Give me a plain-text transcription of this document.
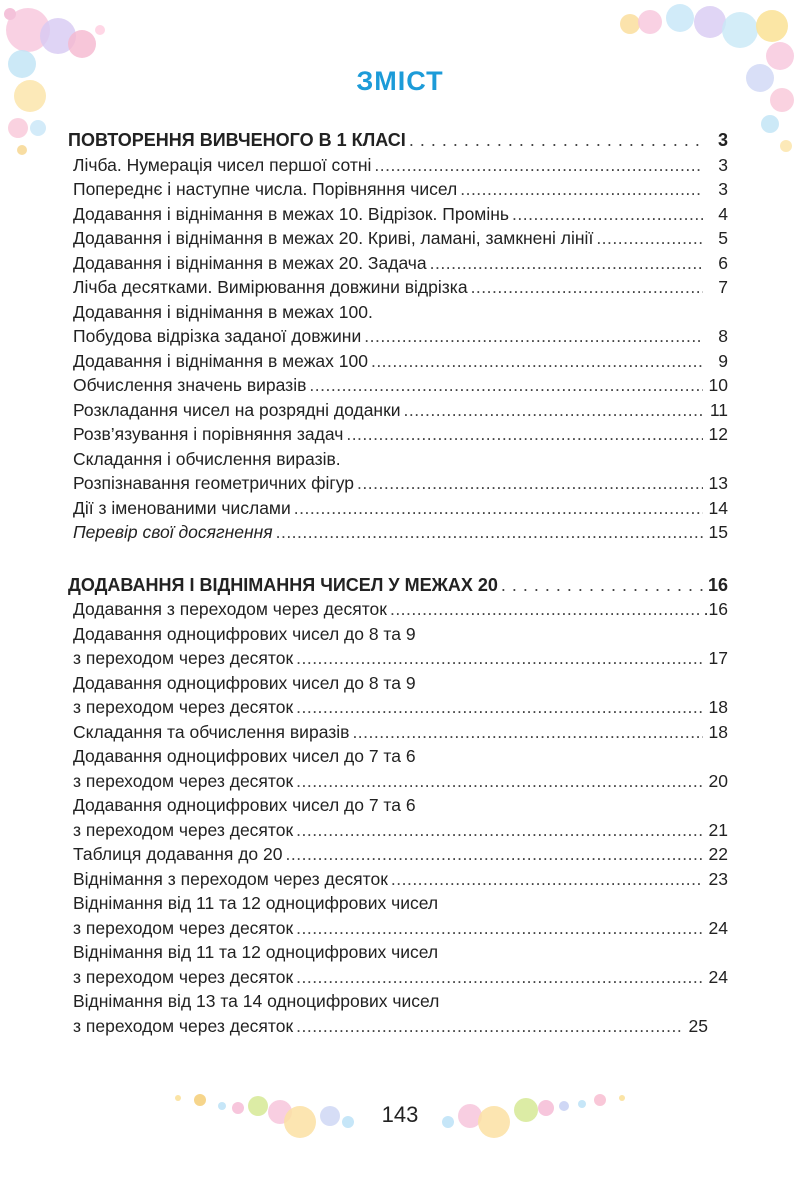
ЗМІСТ
ПОВТОРЕННЯ ВИВЧЕНОГО В 1 КЛАСІ . .	3
Лічба. Нумерація чисел першої сотні .....	3
Попереднє і наступне числа. Порівняння чисел .....	3
Додавання і віднімання в межах 10. Відрізок. Промінь .....	4
Додавання і віднімання в межах 20. Криві, ламані, замкнені лінії .....	5
Додавання і віднімання в межах 20. Задача .....	6
Лічба десятками. Вимірювання довжини відрізка .....	7
Додавання і віднімання в межах 100.
Побудова відрізка заданої довжини .....	8
Додавання і віднімання в межах 100 .....	9
Обчислення значень виразів .....	10
Розкладання чисел на розрядні доданки .....	11
Розв’язування і порівняння задач .....	12
Складання і обчислення виразів.
Розпізнавання геометричних фігур .....	13
Дії з іменованими числами .....	14
Перевір свої досягнення .....	15
ДОДАВАННЯ І ВІДНІМАННЯ ЧИСЕЛ У МЕЖАХ 20 . .	16
Додавання з переходом через десяток .....	.16
Додавання одноцифрових чисел до 8 та 9
з переходом через десяток .....	17
Додавання одноцифрових чисел до 8 та 9
з переходом через десяток .....	18
Складання та обчислення виразів .....	18
Додавання одноцифрових чисел до 7 та 6
з переходом через десяток .....	20
Додавання одноцифрових чисел до 7 та 6
з переходом через десяток .....	21
Таблиця додавання до 20 .....	22
Віднімання з переходом через десяток .....	23
Віднімання від 11 та 12 одноцифрових чисел
з переходом через десяток .....	24
Віднімання від 11 та 12 одноцифрових чисел
з переходом через десяток .....	24
Віднімання від 13 та 14 одноцифрових чисел
з переходом через десяток .....	25
143
